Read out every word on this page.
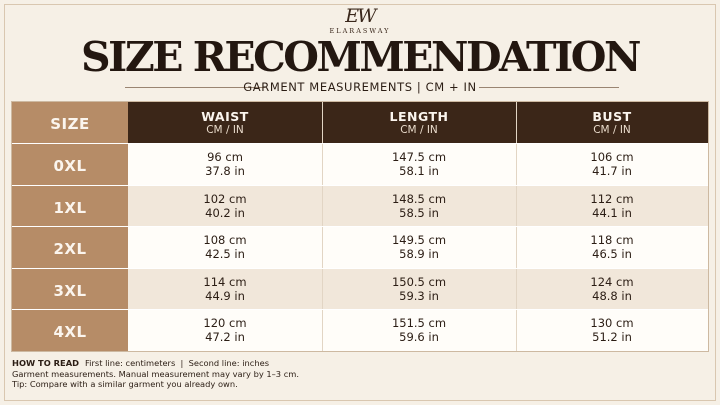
EW
ELARASWAY
SIZE RECOMMENDATION
GARMENT MEASUREMENTS | CM + IN
SIZE	WAIST
CM / IN
LENGTH
CM / IN
BUST
CM / IN
96 cm
37.8 in
147.5 cm
58.1 in
106 cm
41.7 in
0XL
102 cm
40.2 in
148.5 cm
58.5 in
112 cm
44.1 in
1XL
108 cm
42.5 in
149.5 cm
58.9 in
118 cm
46.5 in
2XL
114 cm
44.9 in
150.5 cm
59.3 in
124 cm
48.8 in
3XL
120 cm
47.2 in
151.5 cm
59.6 in
130 cm
51.2 in
4XL
HOW TO READ First line: centimeters  |  Second line: inches
Garment measurements. Manual measurement may vary by 1–3 cm.
Tip: Compare with a similar garment you already own.
